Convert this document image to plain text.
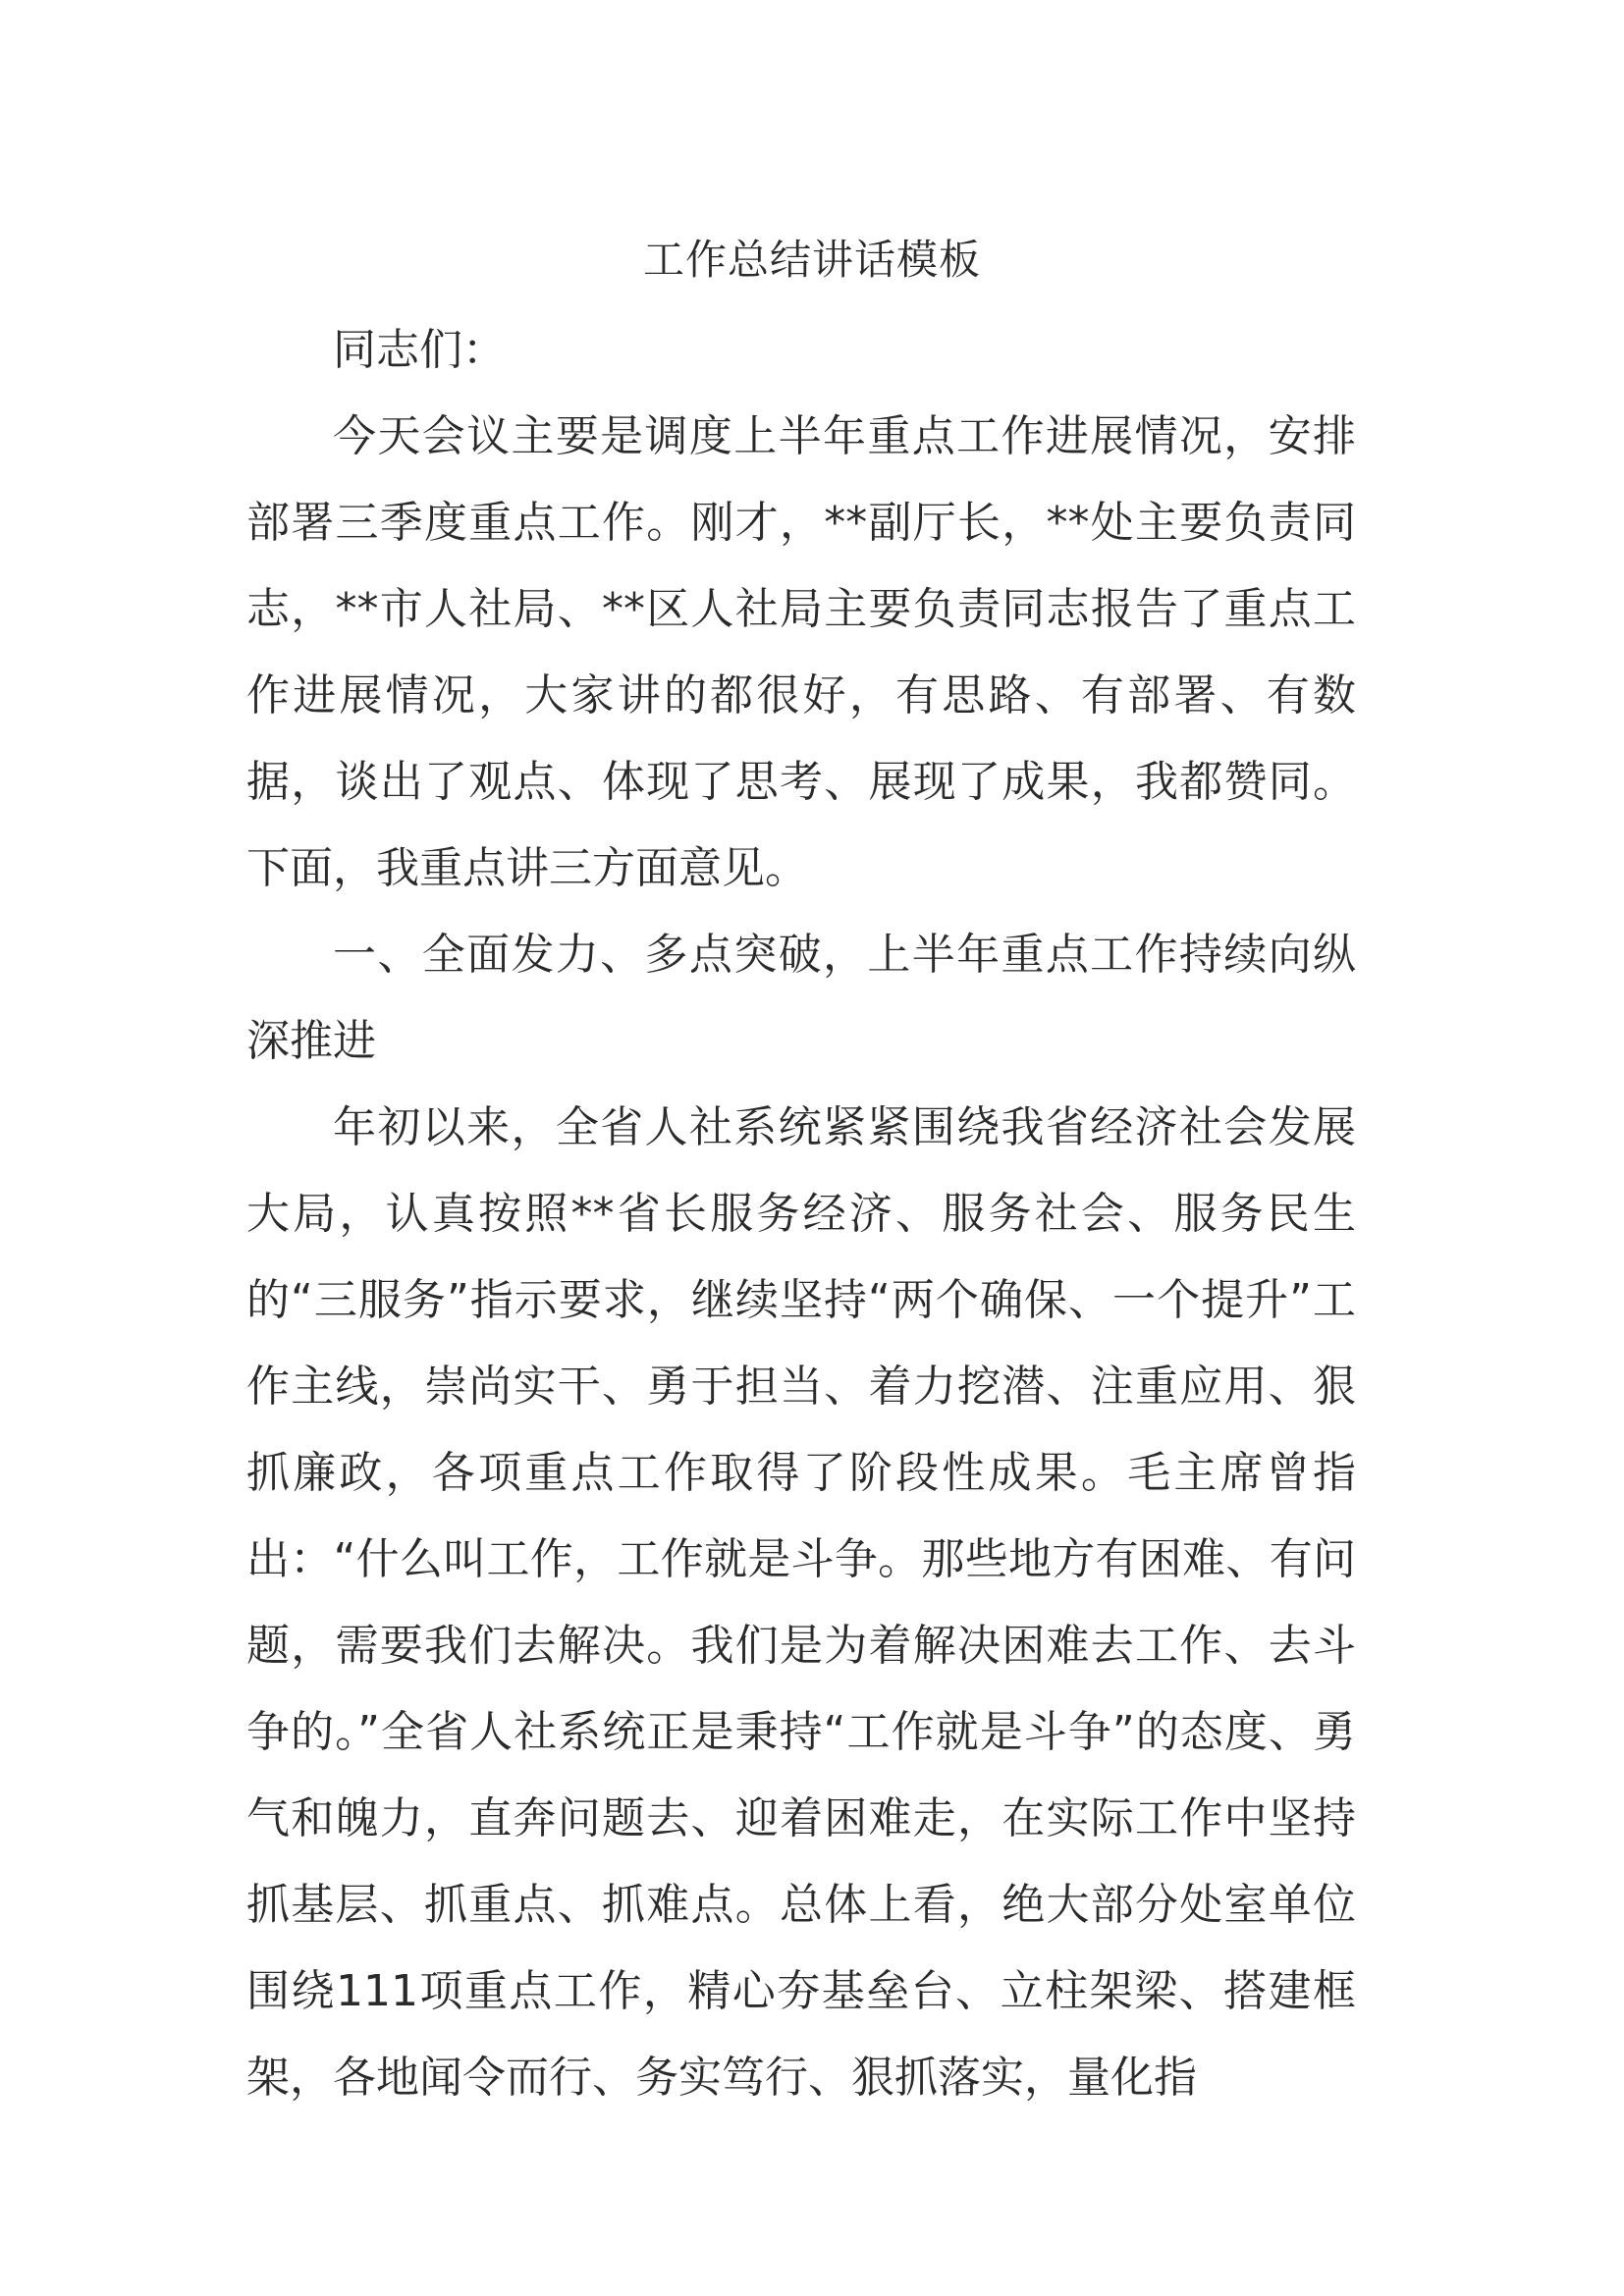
工作总结讲话模板

同志们：

今天会议主要是调度上半年重点工作进展情况，安排部署三季度重点工作。刚才，**副厅长，**处主要负责同志，**市人社局、**区人社局主要负责同志报告了重点工作进展情况，大家讲的都很好，有思路、有部署、有数据，谈出了观点、体现了思考、展现了成果，我都赞同。下面，我重点讲三方面意见。

一、全面发力、多点突破，上半年重点工作持续向纵深推进

年初以来，全省人社系统紧紧围绕我省经济社会发展大局，认真按照**省长服务经济、服务社会、服务民生的“三服务”指示要求，继续坚持“两个确保、一个提升”工作主线，崇尚实干、勇于担当、着力挖潜、注重应用、狠抓廉政，各项重点工作取得了阶段性成果。毛主席曾指出：“什么叫工作，工作就是斗争。那些地方有困难、有问题，需要我们去解决。我们是为着解决困难去工作、去斗争的。”全省人社系统正是秉持“工作就是斗争”的态度、勇气和魄力，直奔问题去、迎着困难走，在实际工作中坚持抓基层、抓重点、抓难点。总体上看，绝大部分处室单位围绕111项重点工作，精心夯基垒台、立柱架梁、搭建框架，各地闻令而行、务实笃行、狠抓落实，量化指
